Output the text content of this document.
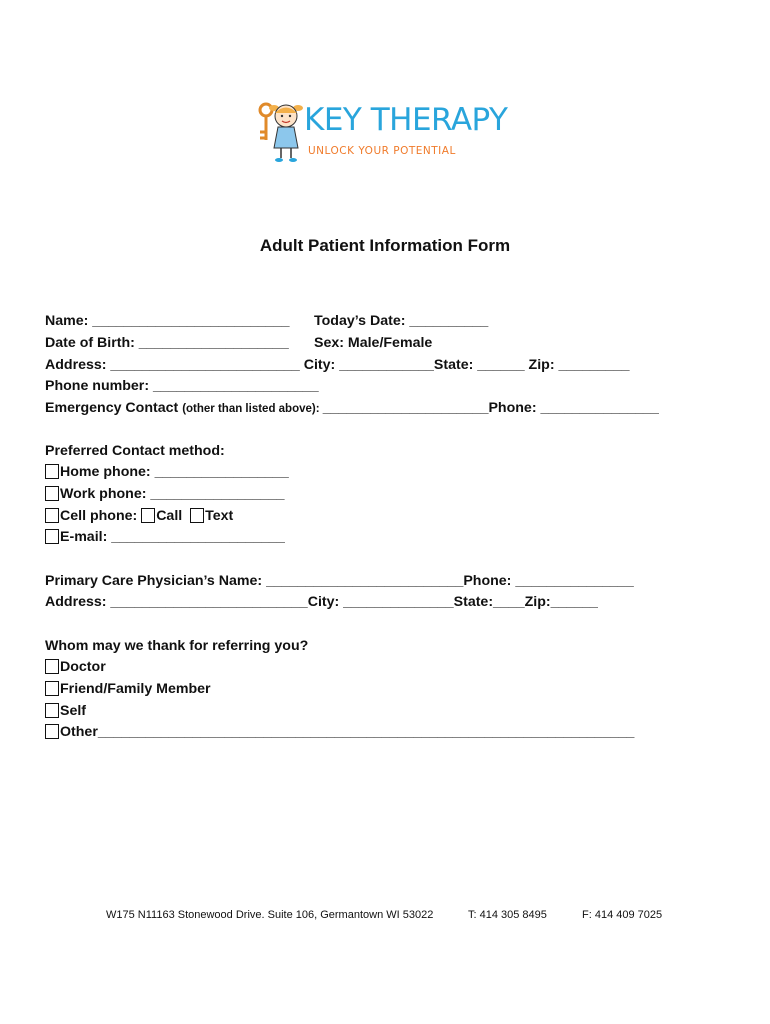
KEY THERAPY
UNLOCK YOUR POTENTIAL
Adult Patient Information Form
Name: _________________________ Today’s Date: __________
Date of Birth: ___________________ Sex: Male/Female
Address: ________________________ City: ____________State: ______ Zip: _________
Phone number: _____________________
Emergency Contact (other than listed above): _____________________Phone: _______________
Preferred Contact method:
Home phone: _________________
Work phone: _________________
Cell phone: Call Text
E-mail: ______________________
Primary Care Physician’s Name: _________________________Phone: _______________
Address: _________________________City: ______________State:____Zip:______
Whom may we thank for referring you?
Doctor
Friend/Family Member
Self
Other____________________________________________________________________
W175 N11163 Stonewood Drive. Suite 106, Germantown WI 53022	T: 414 305 8495	F: 414 409 7025
